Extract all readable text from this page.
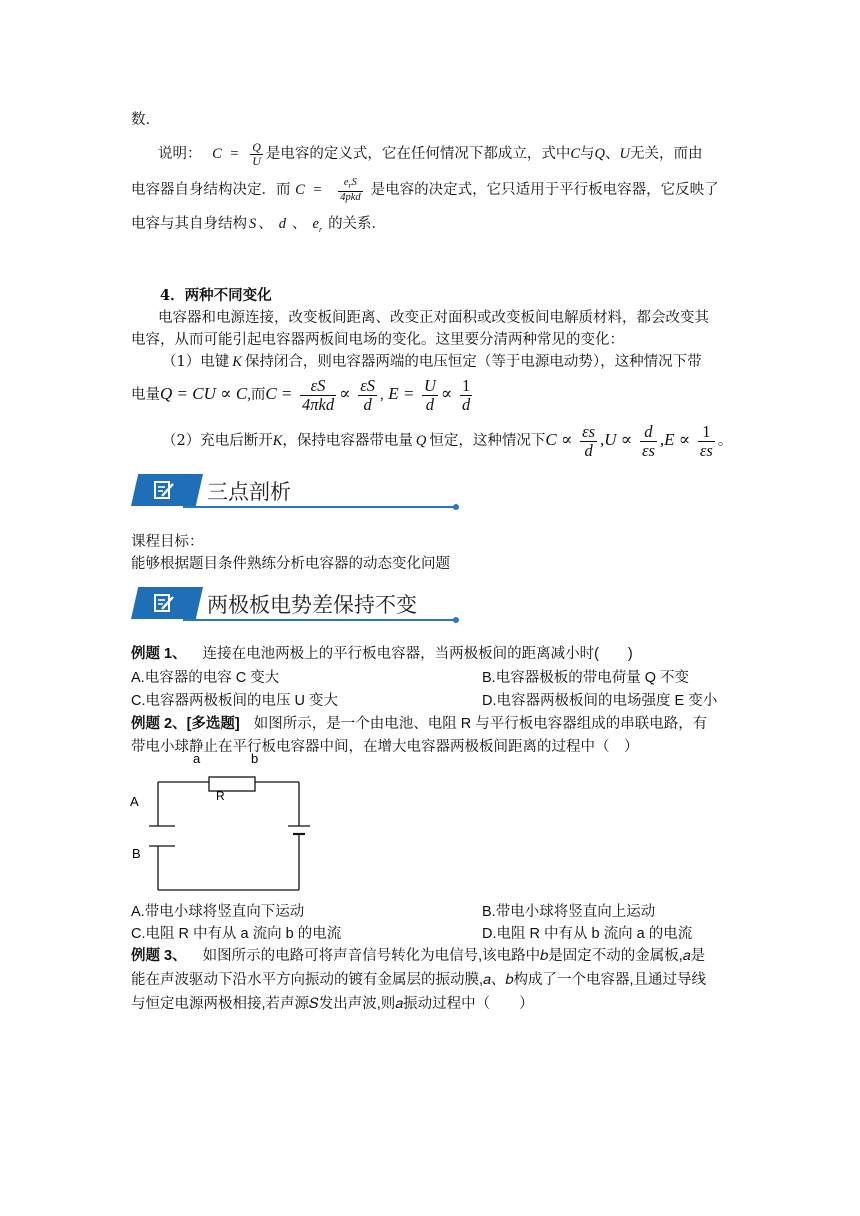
数．
说明： $C = \frac{Q}{U}$ 是电容的定义式，它在任何情况下都成立，式中C与Q、U无关，而由
电容器自身结构决定．而 $C = \frac{e_rS}{\text{4pkd}}$ 是电容的决定式，它只适用于平行板电容器，它反映了
电容与其自身结构 S 、 d 、 $e_r$ 的关系．
4．两种不同变化
电容器和电源连接，改变板间距离、改变正对面积或改变板间电解质材料，都会改变其
电容，从而可能引起电容器两板间电场的变化。这里要分清两种常见的变化：
（1）电键 K 保持闭合，则电容器两端的电压恒定（等于电源电动势），这种情况下带
电量Q = CU ∝ C,而$C = \frac{\varepsilon S}{\text{4πkd}} \propto \frac{\varepsilon S}{d}$ , $E = \frac{U}{d} \propto \frac{1}{d}$
（2）充电后断开K，保持电容器带电量 Q 恒定，这种情况下$C \propto \frac{\varepsilon s}{d} ,U \propto \frac{d}{\varepsilon s} ,E \propto \frac{1}{\varepsilon s}$ 。
三点剖析
课程目标：
能够根据题目条件熟练分析电容器的动态变化问题
两极板电势差保持不变
例题 1、 连接在电池两极上的平行板电容器，当两极板间的距离减小时(　　)
A.电容器的电容 C 变大	B.电容器极板的带电荷量 Q 不变
C.电容器两极板间的电压 U 变大	D.电容器两极板间的电场强度 E 变小
例题 2、[多选题] 如图所示，是一个由电池、电阻 R 与平行板电容器组成的串联电路，有
带电小球静止在平行板电容器中间，在增大电容器两极板间距离的过程中（　）
a	b
R
A
B
A.带电小球将竖直向下运动	B.带电小球将竖直向上运动
C.电阻 R 中有从 a 流向 b 的电流	D.电阻 R 中有从 b 流向 a 的电流
例题 3、 如图所示的电路可将声音信号转化为电信号,该电路中𝑏是固定不动的金属板,𝑎是
能在声波驱动下沿水平方向振动的镀有金属层的振动膜,𝑎、𝑏构成了一个电容器,且通过导线
与恒定电源两极相接,若声源𝑆发出声波,则𝑎振动过程中（　　）
